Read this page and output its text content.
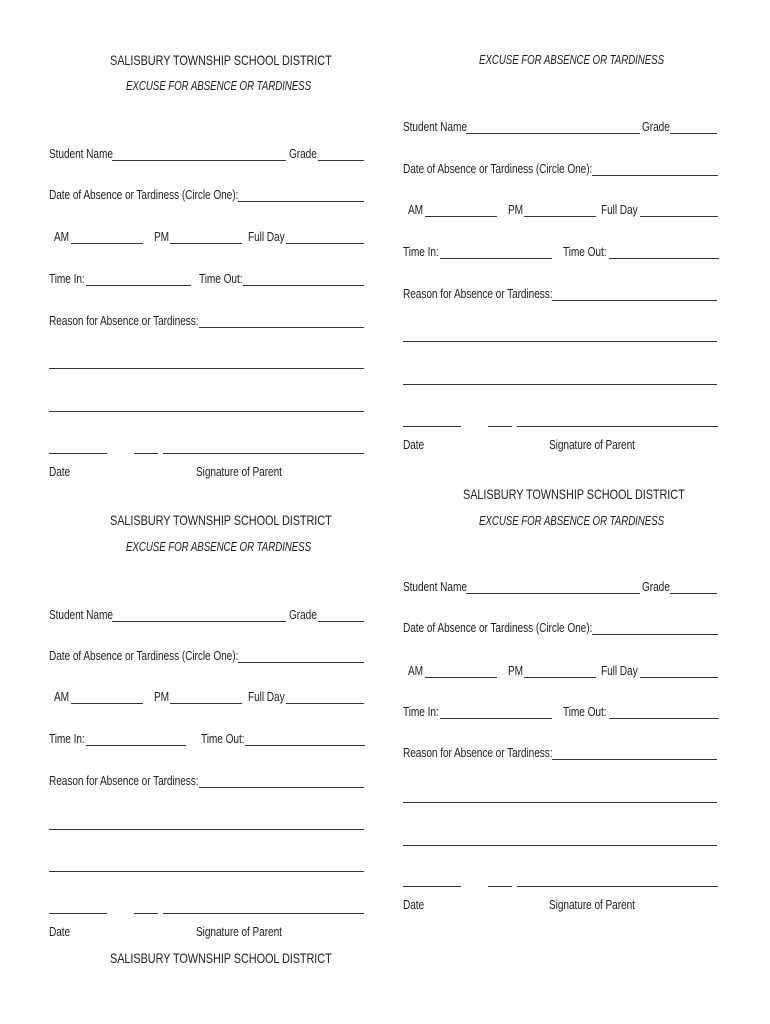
SALISBURY TOWNSHIP SCHOOL DISTRICT
EXCUSE FOR ABSENCE OR TARDINESS
Student Name	Grade
Date of Absence or Tardiness (Circle One):
AM	PM	Full Day
Time In:	Time Out:
Reason for Absence or Tardiness:
Date	Signature of Parent
EXCUSE FOR ABSENCE OR TARDINESS
Student Name	Grade
Date of Absence or Tardiness (Circle One):
AM	PM	Full Day
Time In:	Time Out:
Reason for Absence or Tardiness:
Date	Signature of Parent
SALISBURY TOWNSHIP SCHOOL DISTRICT
EXCUSE FOR ABSENCE OR TARDINESS
Student Name	Grade
Date of Absence or Tardiness (Circle One):
AM	PM	Full Day
Time In:	Time Out:
Reason for Absence or Tardiness:
Date	Signature of Parent
SALISBURY TOWNSHIP SCHOOL DISTRICT
EXCUSE FOR ABSENCE OR TARDINESS
Student Name	Grade
Date of Absence or Tardiness (Circle One):
AM	PM	Full Day
Time In:	Time Out:
Reason for Absence or Tardiness:
Date	Signature of Parent
SALISBURY TOWNSHIP SCHOOL DISTRICT
